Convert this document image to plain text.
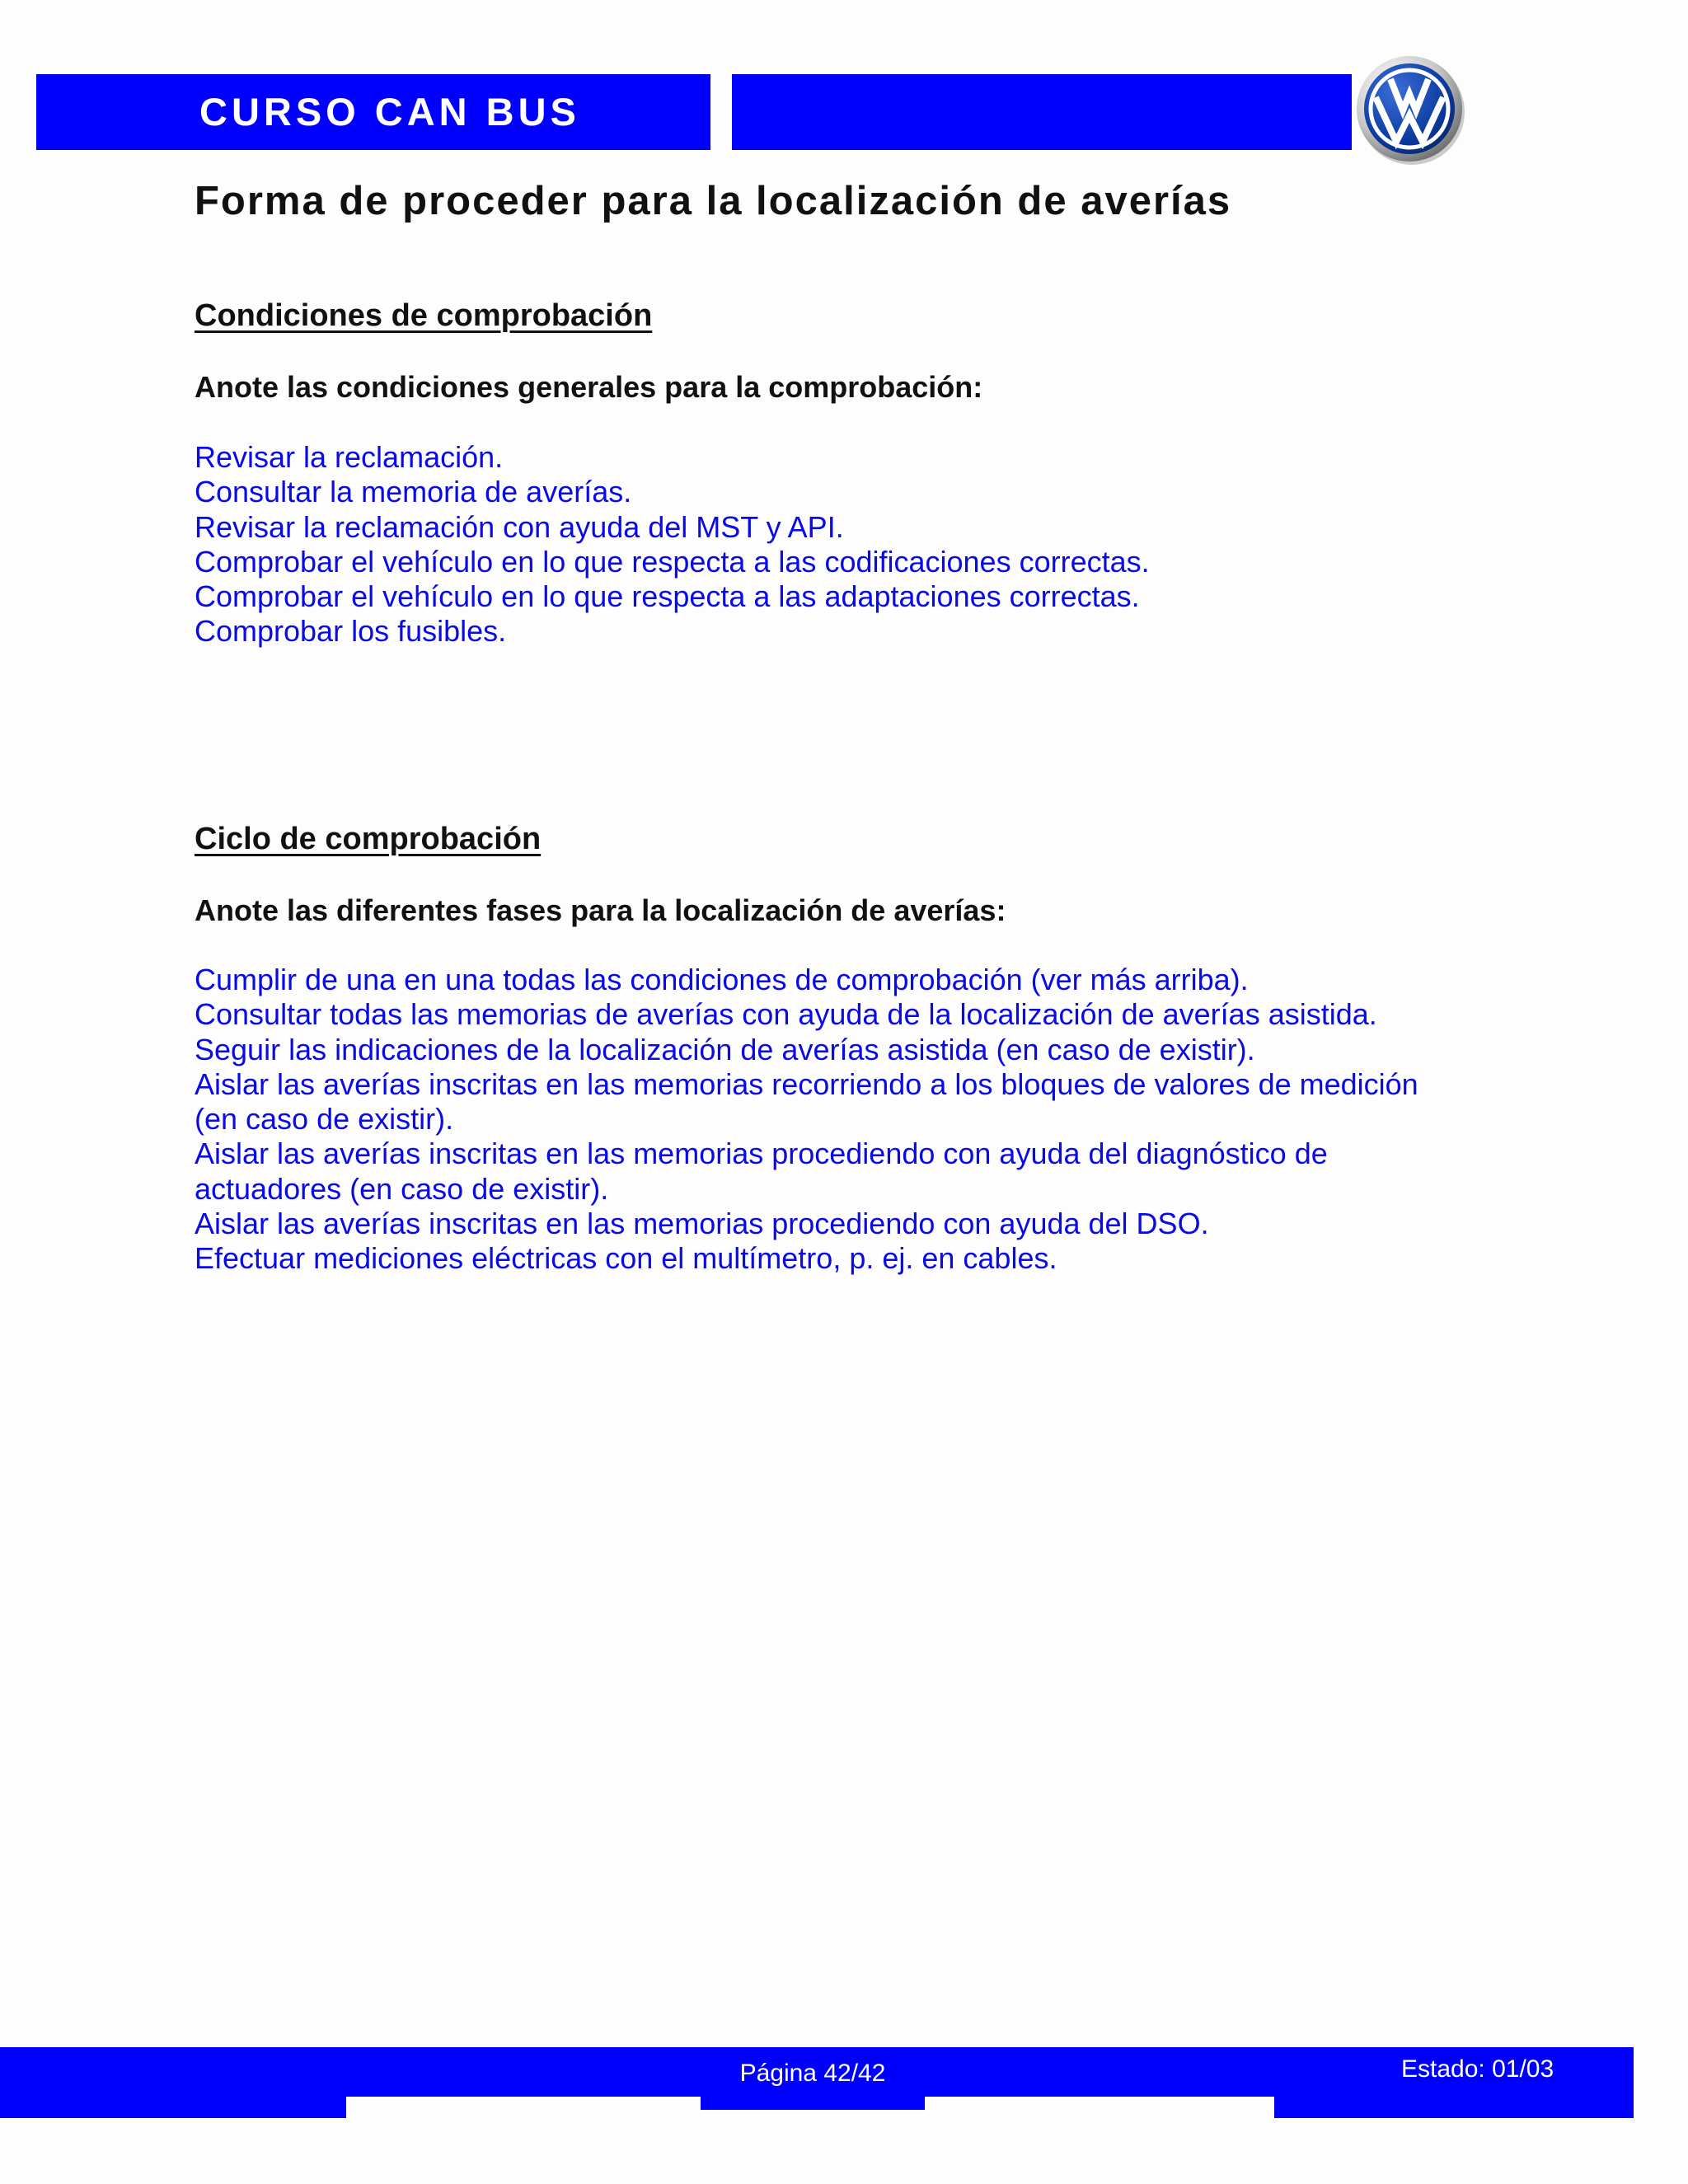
CURSO CAN BUS
Forma de proceder para la localización de averías
Condiciones de comprobación

Anote las condiciones generales para la comprobación:

Revisar la reclamación.
Consultar la memoria de averías.
Revisar la reclamación con ayuda del MST y API.
Comprobar el vehículo en lo que respecta a las codificaciones correctas.
Comprobar el vehículo en lo que respecta a las adaptaciones correctas.
Comprobar los fusibles.
Ciclo de comprobación

Anote las diferentes fases para la localización de averías:

Cumplir de una en una todas las condiciones de comprobación (ver más arriba).
Consultar todas las memorias de averías con ayuda de la localización de averías asistida.
Seguir las indicaciones de la localización de averías asistida (en caso de existir).
Aislar las averías inscritas en las memorias recorriendo a los bloques de valores de medición
(en caso de existir).
Aislar las averías inscritas en las memorias procediendo con ayuda del diagnóstico de
actuadores (en caso de existir).
Aislar las averías inscritas en las memorias procediendo con ayuda del DSO.
Efectuar mediciones eléctricas con el multímetro, p. ej. en cables.
Página 42/42	Estado: 01/03
